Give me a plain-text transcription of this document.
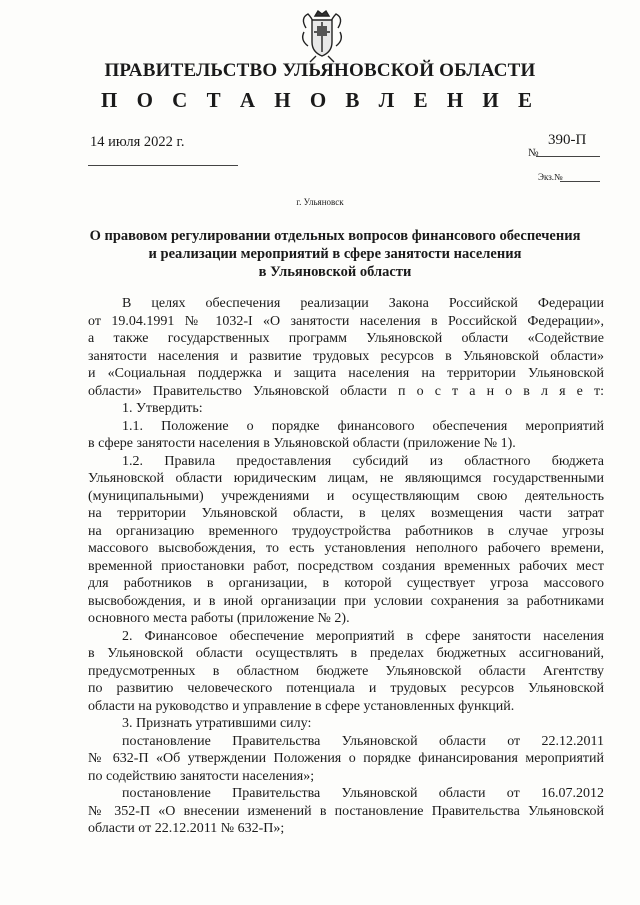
ПРАВИТЕЛЬСТВО УЛЬЯНОВСКОЙ ОБЛАСТИ
П О С Т А Н О В Л Е Н И Е
14 июля 2022 г.
№
390-П
Экз.№
г. Ульяновск
О правовом регулировании отдельных вопросов финансового обеспечения
и реализации мероприятий в сфере занятости населения
в Ульяновской области
В целях обеспечения реализации Закона Российской Федерации
от 19.04.1991 № 1032-I «О занятости населения в Российской Федерации»,
а также государственных программ Ульяновской области «Содействие
занятости населения и развитие трудовых ресурсов в Ульяновской области»
и «Социальная поддержка и защита населения на территории Ульяновской
области» Правительство Ульяновской области п о с т а н о в л я е т:
1. Утвердить:
1.1. Положение о порядке финансового обеспечения мероприятий
в сфере занятости населения в Ульяновской области (приложение № 1).
1.2. Правила предоставления субсидий из областного бюджета
Ульяновской области юридическим лицам, не являющимся государственными
(муниципальными) учреждениями и осуществляющим свою деятельность
на территории Ульяновской области, в целях возмещения части затрат
на организацию временного трудоустройства работников в случае угрозы
массового высвобождения, то есть установления неполного рабочего времени,
временной приостановки работ, посредством создания временных рабочих мест
для работников в организации, в которой существует угроза массового
высвобождения, и в иной организации при условии сохранения за работниками
основного места работы (приложение № 2).
2. Финансовое обеспечение мероприятий в сфере занятости населения
в Ульяновской области осуществлять в пределах бюджетных ассигнований,
предусмотренных в областном бюджете Ульяновской области Агентству
по развитию человеческого потенциала и трудовых ресурсов Ульяновской
области на руководство и управление в сфере установленных функций.
3. Признать утратившими силу:
постановление Правительства Ульяновской области от 22.12.2011
№ 632-П «Об утверждении Положения о порядке финансирования мероприятий
по содействию занятости населения»;
постановление Правительства Ульяновской области от 16.07.2012
№ 352-П «О внесении изменений в постановление Правительства Ульяновской
области от 22.12.2011 № 632-П»;
